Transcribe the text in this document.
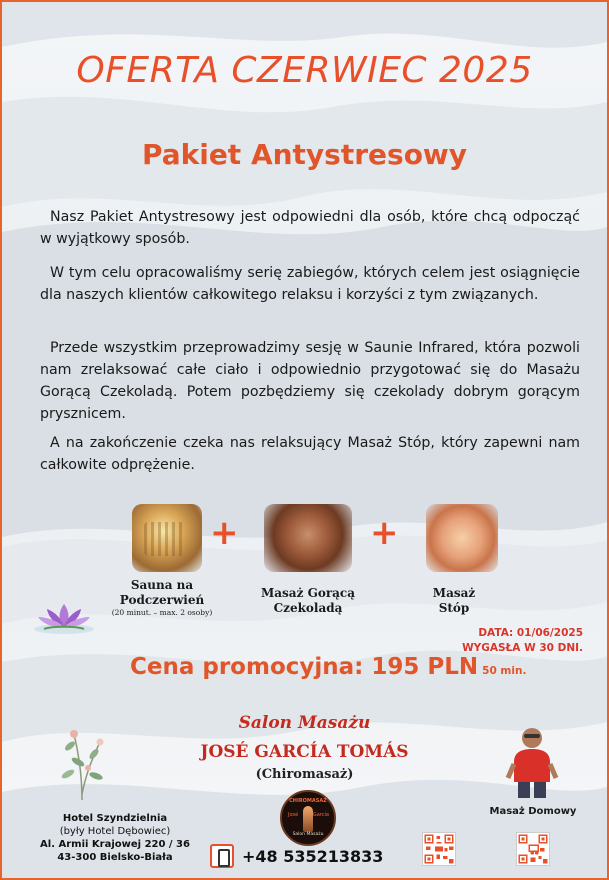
OFERTA CZERWIEC 2025
Pakiet Antystresowy

Nasz Pakiet Antystresowy jest odpowiedni dla osób, które chcą odpocząć w wyjątkowy sposób.

W tym celu opracowaliśmy serię zabiegów, których celem jest osiągnięcie dla naszych klientów całkowitego relaksu i korzyści z tym związanych.

Przede wszystkim przeprowadzimy sesję w Saunie Infrared, która pozwoli nam zrelaksować całe ciało i odpowiednio przygotować się do Masażu Gorącą Czekoladą. Potem pozbędziemy się czekolady dobrym gorącym prysznicem.

A na zakończenie czeka nas relaksujący Masaż Stóp, który zapewni nam całkowite odprężenie.

+	+
Sauna na
Podczerwień
(20 minut. – max. 2 osoby)
Masaż Gorącą
Czekoladą
Masaż
Stóp
DATA: 01/06/2025
WYGASŁA W 30 DNI.
Cena promocyjna: 195 PLN 50 min.
Salon Masażu
JOSÉ GARCÍA TOMÁS
(Chiromasaż)
Masaż Domowy
CHIROMASAŻ
José	García
Salon Masażu
Hotel Szyndzielnia
(były Hotel Dębowiec)
Al. Armii Krajowej 220 / 36
43-300 Bielsko-Biała	+48 535213833
